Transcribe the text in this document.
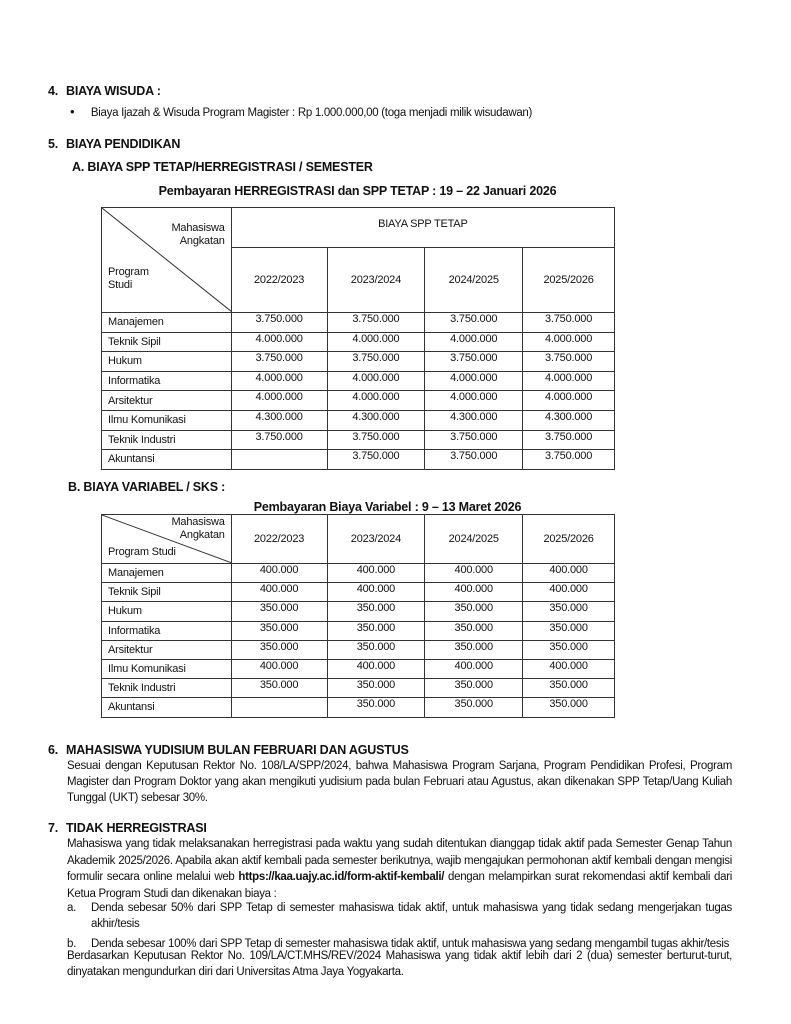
4. BIAYA WISUDA :
• Biaya Ijazah & Wisuda Program Magister : Rp 1.000.000,00 (toga menjadi milik wisudawan)
5. BIAYA PENDIDIKAN
A. BIAYA SPP TETAP/HERREGISTRASI / SEMESTER
Pembayaran HERREGISTRASI dan SPP TETAP : 19 – 22 Januari 2026
Mahasiswa
Angkatan
Program
Studi	BIAYA SPP TETAP			
	2022/2023	2023/2024	2024/2025	2025/2026
Manajemen	3.750.000	3.750.000	3.750.000	3.750.000
Teknik Sipil	4.000.000	4.000.000	4.000.000	4.000.000
Hukum	3.750.000	3.750.000	3.750.000	3.750.000
Informatika	4.000.000	4.000.000	4.000.000	4.000.000
Arsitektur	4.000.000	4.000.000	4.000.000	4.000.000
Ilmu Komunikasi	4.300.000	4.300.000	4.300.000	4.300.000
Teknik Industri	3.750.000	3.750.000	3.750.000	3.750.000
Akuntansi		3.750.000	3.750.000	3.750.000
B. BIAYA VARIABEL / SKS :
Pembayaran Biaya Variabel : 9 – 13 Maret 2026
Mahasiswa
Angkatan
Program Studi	2022/2023	2023/2024	2024/2025	2025/2026
Manajemen	400.000	400.000	400.000	400.000
Teknik Sipil	400.000	400.000	400.000	400.000
Hukum	350.000	350.000	350.000	350.000
Informatika	350.000	350.000	350.000	350.000
Arsitektur	350.000	350.000	350.000	350.000
Ilmu Komunikasi	400.000	400.000	400.000	400.000
Teknik Industri	350.000	350.000	350.000	350.000
Akuntansi		350.000	350.000	350.000
6. MAHASISWA YUDISIUM BULAN FEBRUARI DAN AGUSTUS
Sesuai dengan Keputusan Rektor No. 108/LA/SPP/2024, bahwa Mahasiswa Program Sarjana, Program Pendidikan Profesi, Program Magister dan Program Doktor yang akan mengikuti yudisium pada bulan Februari atau Agustus, akan dikenakan SPP Tetap/Uang Kuliah Tunggal (UKT) sebesar 30%.
7. TIDAK HERREGISTRASI
Mahasiswa yang tidak melaksanakan herregistrasi pada waktu yang sudah ditentukan dianggap tidak aktif pada Semester Genap Tahun Akademik 2025/2026. Apabila akan aktif kembali pada semester berikutnya, wajib mengajukan permohonan aktif kembali dengan mengisi formulir secara online melalui web https://kaa.uajy.ac.id/form-aktif-kembali/ dengan melampirkan surat rekomendasi aktif kembali dari Ketua Program Studi dan dikenakan biaya :
a.	Denda sebesar 50% dari SPP Tetap di semester mahasiswa tidak aktif, untuk mahasiswa yang tidak sedang mengerjakan tugas akhir/tesis
b.	Denda sebesar 100% dari SPP Tetap di semester mahasiswa tidak aktif, untuk mahasiswa yang sedang mengambil tugas akhir/tesis
Berdasarkan Keputusan Rektor No. 109/LA/CT.MHS/REV/2024 Mahasiswa yang tidak aktif lebih dari 2 (dua) semester berturut-turut, dinyatakan mengundurkan diri dari Universitas Atma Jaya Yogyakarta.
